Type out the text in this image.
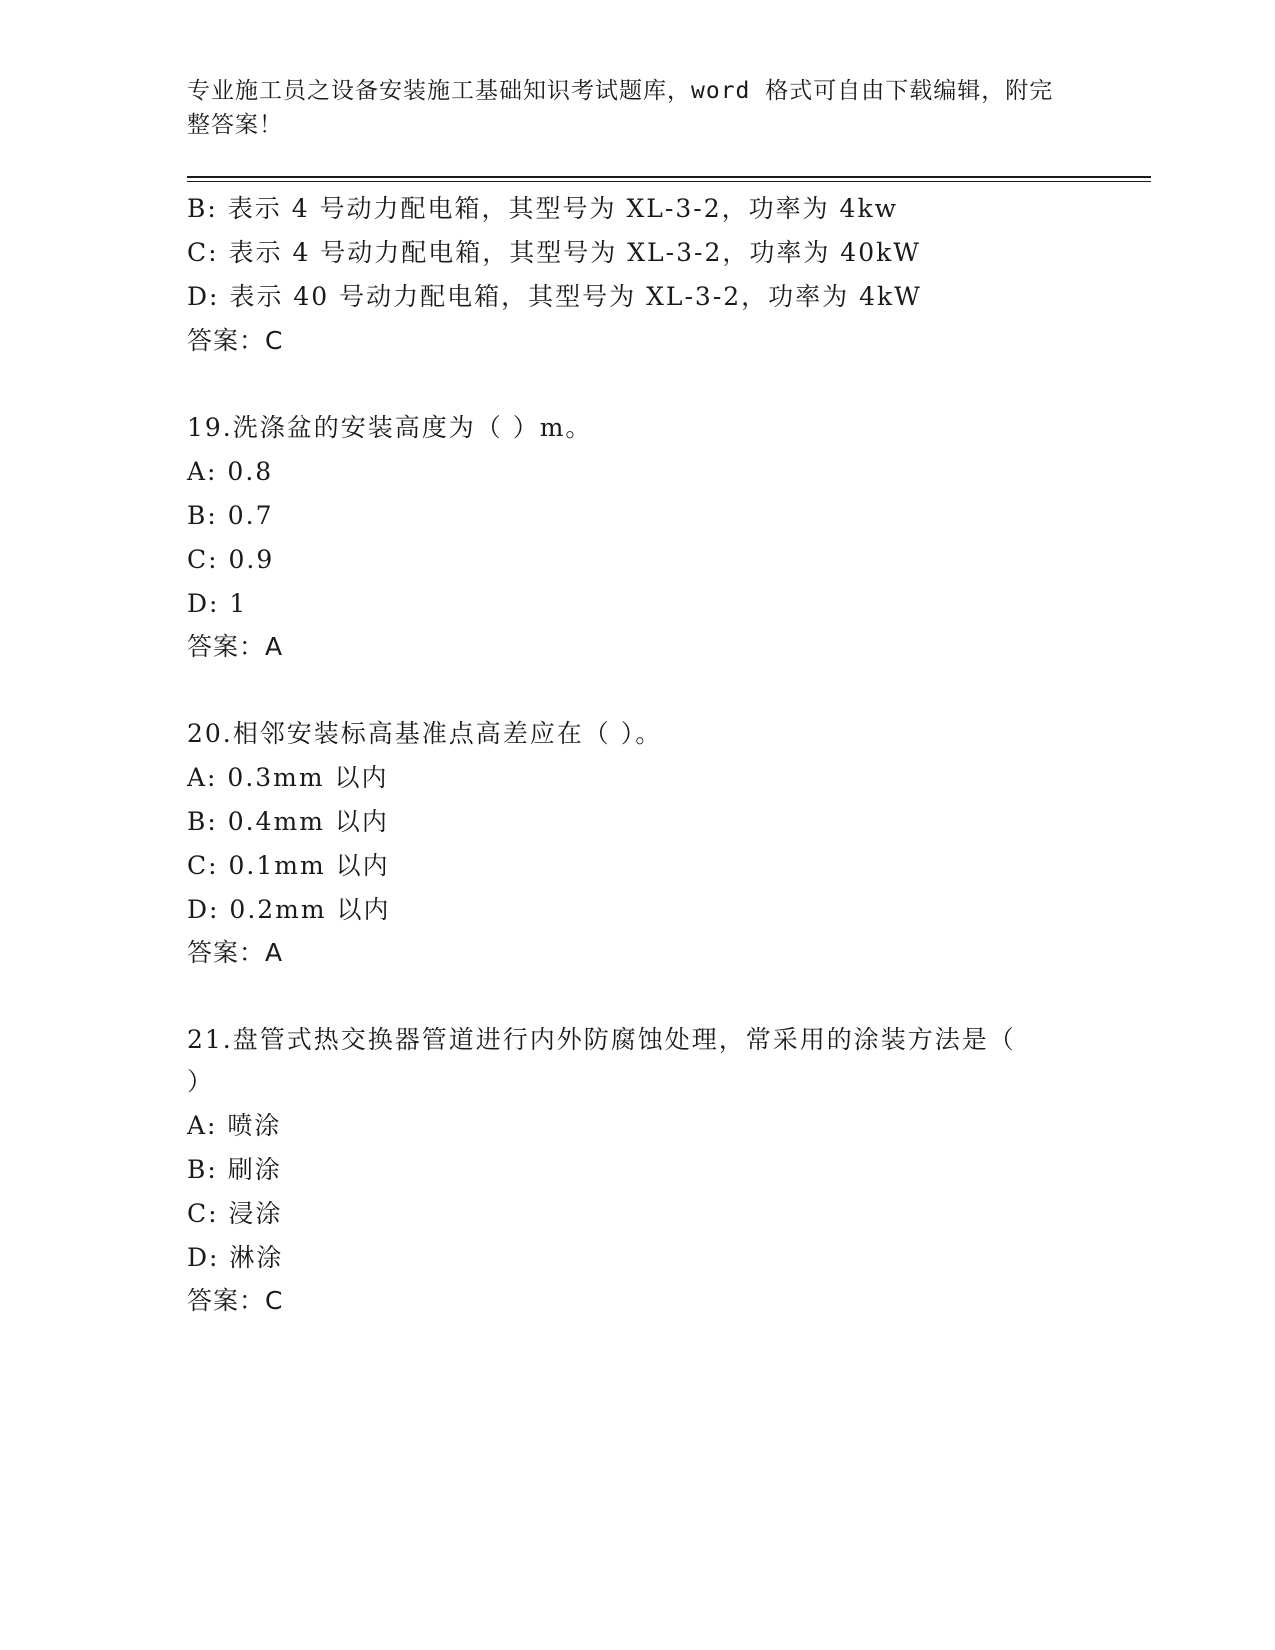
专业施工员之设备安装施工基础知识考试题库，word 格式可自由下载编辑，附完
整答案！
B: 表示 4 号动力配电箱，其型号为 XL-3-2，功率为 4kw
C: 表示 4 号动力配电箱，其型号为 XL-3-2，功率为 40kW
D: 表示 40 号动力配电箱，其型号为 XL-3-2，功率为 4kW
答案：C
19.洗涤盆的安装高度为（ ）m。
A: 0.8
B: 0.7
C: 0.9
D: 1
答案：A
20.相邻安装标高基准点高差应在（ ）。
A: 0.3mm 以内
B: 0.4mm 以内
C: 0.1mm 以内
D: 0.2mm 以内
答案：A
21.盘管式热交换器管道进行内外防腐蚀处理，常采用的涂装方法是（
）
A: 喷涂
B: 刷涂
C: 浸涂
D: 淋涂
答案：C
